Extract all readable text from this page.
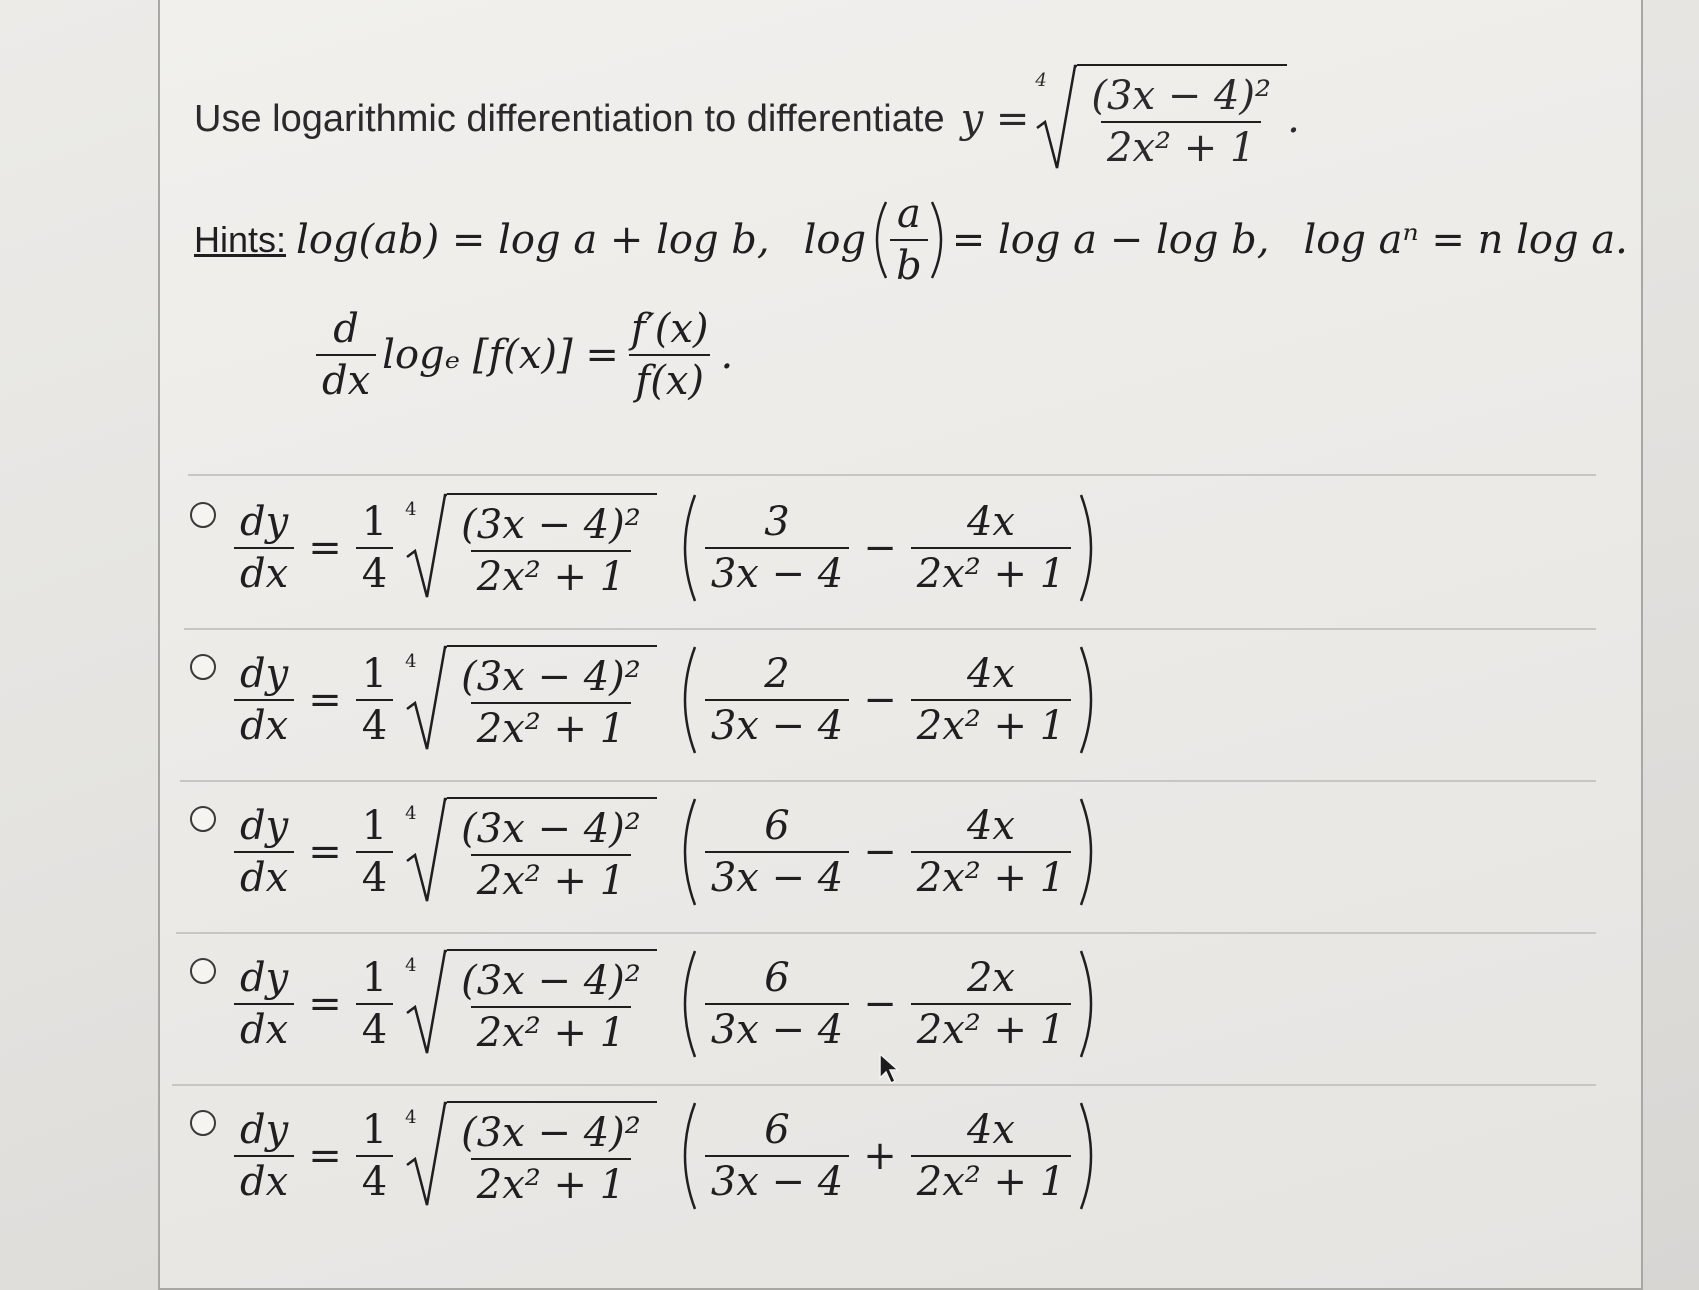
Use logarithmic differentiation to differentiate y =
$4 \frac{\text{(3x − 4)²}}{\text{2x² + 1}}$ .
Hints: log(ab) = log a + log b, $\log \frac{a}{b} = \log a - \log b$, log aⁿ = n log a.
$\frac{d}{dx}$ logₑ $[f(x)] = \frac{f'(x)}{f(x)}$ .
$\frac{dy}{dx} = \frac{1}{4} 4 \frac{\text{(3x − 4)²}}{\text{2x² + 1}} \frac{3}{3x - 4} - \frac{4x}{\text{2x² + 1}}$
$\frac{dy}{dx} = \frac{1}{4} 4 \frac{\text{(3x − 4)²}}{\text{2x² + 1}} \frac{2}{3x - 4} - \frac{4x}{\text{2x² + 1}}$
$\frac{dy}{dx} = \frac{1}{4} 4 \frac{\text{(3x − 4)²}}{\text{2x² + 1}} \frac{6}{3x - 4} - \frac{4x}{\text{2x² + 1}}$
$\frac{dy}{dx} = \frac{1}{4} 4 \frac{\text{(3x − 4)²}}{\text{2x² + 1}} \frac{6}{3x - 4} - \frac{2x}{\text{2x² + 1}}$
$\frac{dy}{dx} = \frac{1}{4} 4 \frac{\text{(3x − 4)²}}{\text{2x² + 1}} \frac{6}{3x - 4} + \frac{4x}{\text{2x² + 1}}$
